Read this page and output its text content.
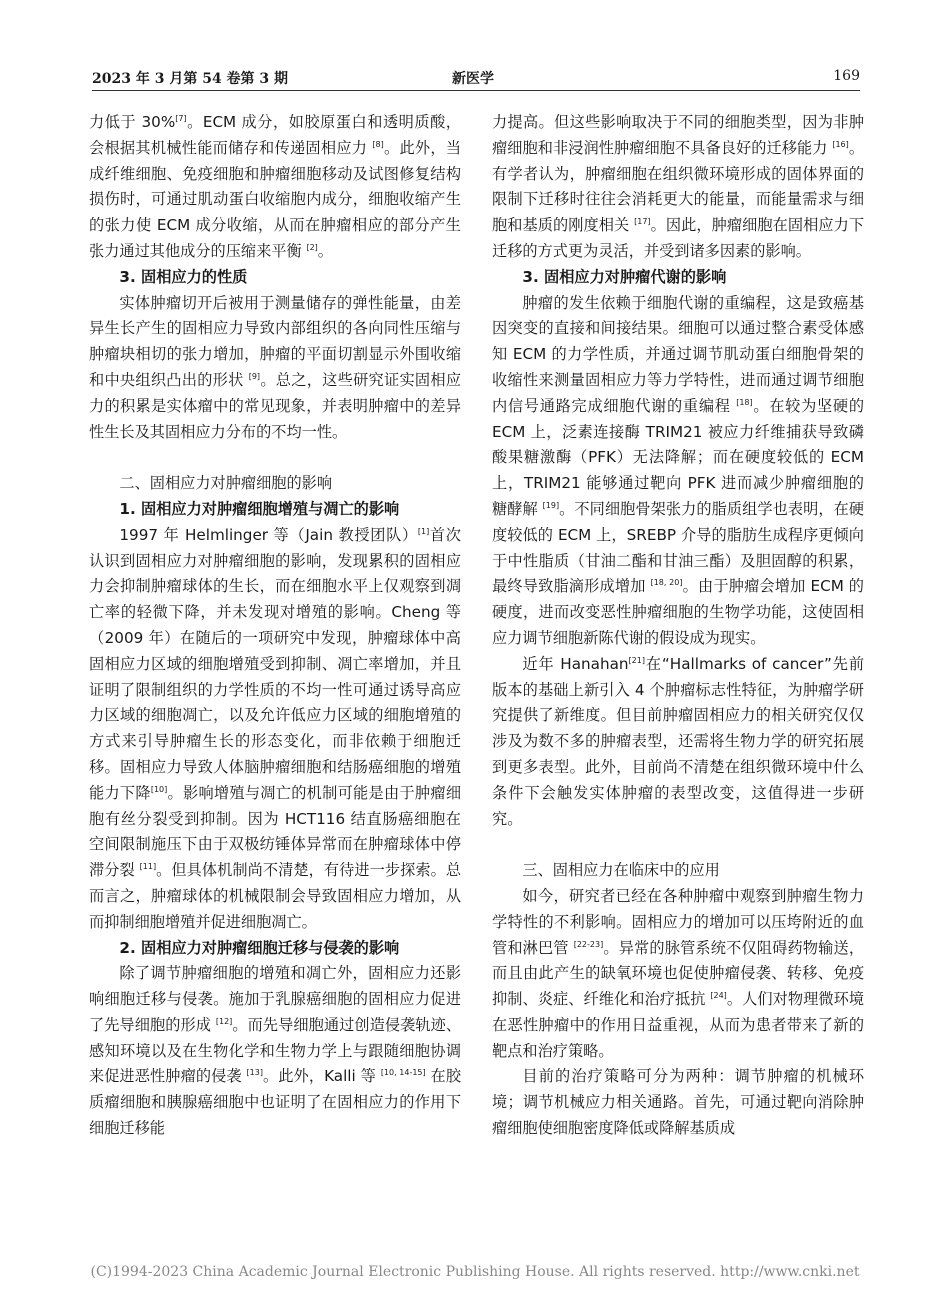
2023 年 3 月第 54 卷第 3 期	新医学	169

力低于 30%[7]。ECM 成分，如胶原蛋白和透明质酸，会根据其机械性能而储存和传递固相应力 [8]。此外，当成纤维细胞、免疫细胞和肿瘤细胞移动及试图修复结构损伤时，可通过肌动蛋白收缩胞内成分，细胞收缩产生的张力使 ECM 成分收缩，从而在肿瘤相应的部分产生张力通过其他成分的压缩来平衡 [2]。

3. 固相应力的性质

实体肿瘤切开后被用于测量储存的弹性能量，由差异生长产生的固相应力导致内部组织的各向同性压缩与肿瘤块相切的张力增加，肿瘤的平面切割显示外围收缩和中央组织凸出的形状 [9]。总之，这些研究证实固相应力的积累是实体瘤中的常见现象，并表明肿瘤中的差异性生长及其固相应力分布的不均一性。

二、固相应力对肿瘤细胞的影响

1. 固相应力对肿瘤细胞增殖与凋亡的影响

1997 年 Helmlinger 等（Jain 教授团队）[1]首次认识到固相应力对肿瘤细胞的影响，发现累积的固相应力会抑制肿瘤球体的生长，而在细胞水平上仅观察到凋亡率的轻微下降，并未发现对增殖的影响。Cheng 等（2009 年）在随后的一项研究中发现，肿瘤球体中高固相应力区域的细胞增殖受到抑制、凋亡率增加，并且证明了限制组织的力学性质的不均一性可通过诱导高应力区域的细胞凋亡，以及允许低应力区域的细胞增殖的方式来引导肿瘤生长的形态变化，而非依赖于细胞迁移。固相应力导致人体脑肿瘤细胞和结肠癌细胞的增殖能力下降[10]。影响增殖与凋亡的机制可能是由于肿瘤细胞有丝分裂受到抑制。因为 HCT116 结直肠癌细胞在空间限制施压下由于双极纺锤体异常而在肿瘤球体中停滞分裂 [11]。但具体机制尚不清楚，有待进一步探索。总而言之，肿瘤球体的机械限制会导致固相应力增加，从而抑制细胞增殖并促进细胞凋亡。

2. 固相应力对肿瘤细胞迁移与侵袭的影响

除了调节肿瘤细胞的增殖和凋亡外，固相应力还影响细胞迁移与侵袭。施加于乳腺癌细胞的固相应力促进了先导细胞的形成 [12]。而先导细胞通过创造侵袭轨迹、感知环境以及在生物化学和生物力学上与跟随细胞协调来促进恶性肿瘤的侵袭 [13]。此外，Kalli 等 [10, 14-15] 在胶质瘤细胞和胰腺癌细胞中也证明了在固相应力的作用下细胞迁移能

力提高。但这些影响取决于不同的细胞类型，因为非肿瘤细胞和非浸润性肿瘤细胞不具备良好的迁移能力 [16]。有学者认为，肿瘤细胞在组织微环境形成的固体界面的限制下迁移时往往会消耗更大的能量，而能量需求与细胞和基质的刚度相关 [17]。因此，肿瘤细胞在固相应力下迁移的方式更为灵活，并受到诸多因素的影响。

3. 固相应力对肿瘤代谢的影响

肿瘤的发生依赖于细胞代谢的重编程，这是致癌基因突变的直接和间接结果。细胞可以通过整合素受体感知 ECM 的力学性质，并通过调节肌动蛋白细胞骨架的收缩性来测量固相应力等力学特性，进而通过调节细胞内信号通路完成细胞代谢的重编程 [18]。在较为坚硬的 ECM 上，泛素连接酶 TRIM21 被应力纤维捕获导致磷酸果糖激酶（PFK）无法降解；而在硬度较低的 ECM 上，TRIM21 能够通过靶向 PFK 进而减少肿瘤细胞的糖酵解 [19]。不同细胞骨架张力的脂质组学也表明，在硬度较低的 ECM 上，SREBP 介导的脂肪生成程序更倾向于中性脂质（甘油二酯和甘油三酯）及胆固醇的积累，最终导致脂滴形成增加 [18, 20]。由于肿瘤会增加 ECM 的硬度，进而改变恶性肿瘤细胞的生物学功能，这使固相应力调节细胞新陈代谢的假设成为现实。

近年 Hanahan[21]在“Hallmarks of cancer”先前版本的基础上新引入 4 个肿瘤标志性特征，为肿瘤学研究提供了新维度。但目前肿瘤固相应力的相关研究仅仅涉及为数不多的肿瘤表型，还需将生物力学的研究拓展到更多表型。此外，目前尚不清楚在组织微环境中什么条件下会触发实体肿瘤的表型改变，这值得进一步研究。

三、固相应力在临床中的应用

如今，研究者已经在各种肿瘤中观察到肿瘤生物力学特性的不利影响。固相应力的增加可以压垮附近的血管和淋巴管 [22-23]。异常的脉管系统不仅阻碍药物输送，而且由此产生的缺氧环境也促使肿瘤侵袭、转移、免疫抑制、炎症、纤维化和治疗抵抗 [24]。人们对物理微环境在恶性肿瘤中的作用日益重视，从而为患者带来了新的靶点和治疗策略。

目前的治疗策略可分为两种：调节肿瘤的机械环境；调节机械应力相关通路。首先，可通过靶向消除肿瘤细胞使细胞密度降低或降解基质成

(C)1994-2023 China Academic Journal Electronic Publishing House. All rights reserved. http://www.cnki.net
